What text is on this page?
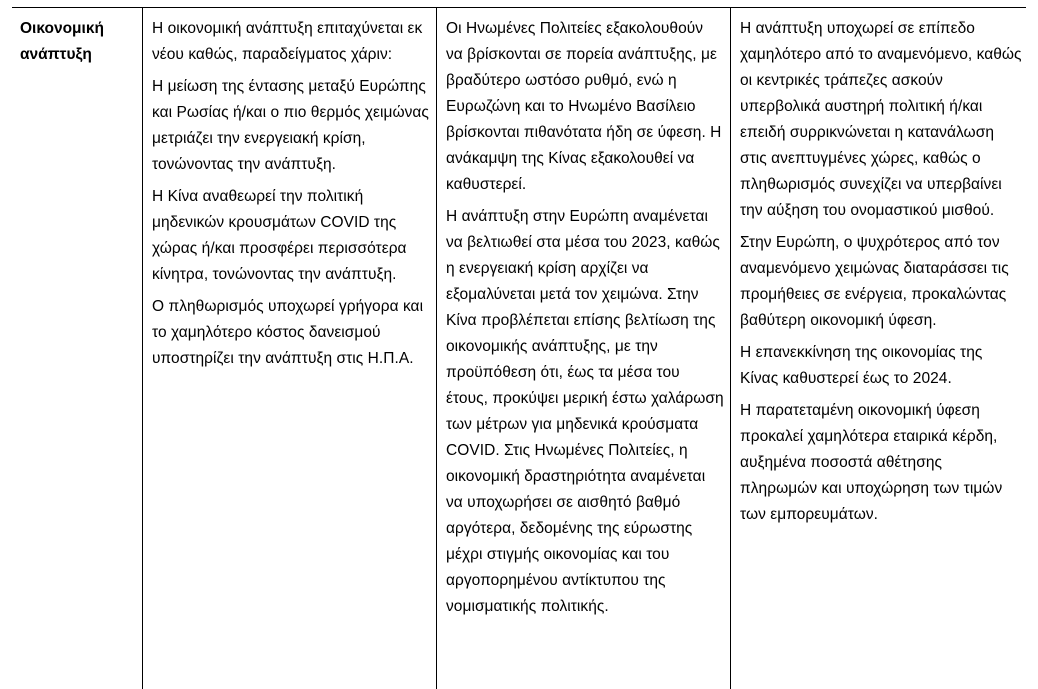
Οικονομική ανάπτυξη

Η οικονομική ανάπτυξη επιταχύνεται εκ νέου καθώς, παραδείγματος χάριν:

Η μείωση της έντασης μεταξύ Ευρώπης και Ρωσίας ή/και ο πιο θερμός χειμώνας μετριάζει την ενεργειακή κρίση, τονώνοντας την ανάπτυξη.

Η Κίνα αναθεωρεί την πολιτική μηδενικών κρουσμάτων COVID της χώρας ή/και προσφέρει περισσότερα κίνητρα, τονώνοντας την ανάπτυξη.

Ο πληθωρισμός υποχωρεί γρήγορα και το χαμηλότερο κόστος δανεισμού υποστηρίζει την ανάπτυξη στις Η.Π.Α.

Οι Ηνωμένες Πολιτείες εξακολουθούν να βρίσκονται σε πορεία ανάπτυξης, με βραδύτερο ωστόσο ρυθμό, ενώ η Ευρωζώνη και το Ηνωμένο Βασίλειο βρίσκονται πιθανότατα ήδη σε ύφεση. Η ανάκαμψη της Κίνας εξακολουθεί να καθυστερεί.

Η ανάπτυξη στην Ευρώπη αναμένεται να βελτιωθεί στα μέσα του 2023, καθώς η ενεργειακή κρίση αρχίζει να εξομαλύνεται μετά τον χειμώνα. Στην Κίνα προβλέπεται επίσης βελτίωση της οικονομικής ανάπτυξης, με την προϋπόθεση ότι, έως τα μέσα του έτους, προκύψει μερική έστω χαλάρωση των μέτρων για μηδενικά κρούσματα COVID. Στις Ηνωμένες Πολιτείες, η οικονομική δραστηριότητα αναμένεται να υποχωρήσει σε αισθητό βαθμό αργότερα, δεδομένης της εύρωστης μέχρι στιγμής οικονομίας και του αργοπορημένου αντίκτυπου της νομισματικής πολιτικής.

Η ανάπτυξη υποχωρεί σε επίπεδο χαμηλότερο από το αναμενόμενο, καθώς οι κεντρικές τράπεζες ασκούν υπερβολικά αυστηρή πολιτική ή/και επειδή συρρικνώνεται η κατανάλωση στις ανεπτυγμένες χώρες, καθώς ο πληθωρισμός συνεχίζει να υπερβαίνει την αύξηση του ονομαστικού μισθού.

Στην Ευρώπη, ο ψυχρότερος από τον αναμενόμενο χειμώνας διαταράσσει τις προμήθειες σε ενέργεια, προκαλώντας βαθύτερη οικονομική ύφεση.

Η επανεκκίνηση της οικονομίας της Κίνας καθυστερεί έως το 2024.

Η παρατεταμένη οικονομική ύφεση προκαλεί χαμηλότερα εταιρικά κέρδη, αυξημένα ποσοστά αθέτησης πληρωμών και υποχώρηση των τιμών των εμπορευμάτων.
